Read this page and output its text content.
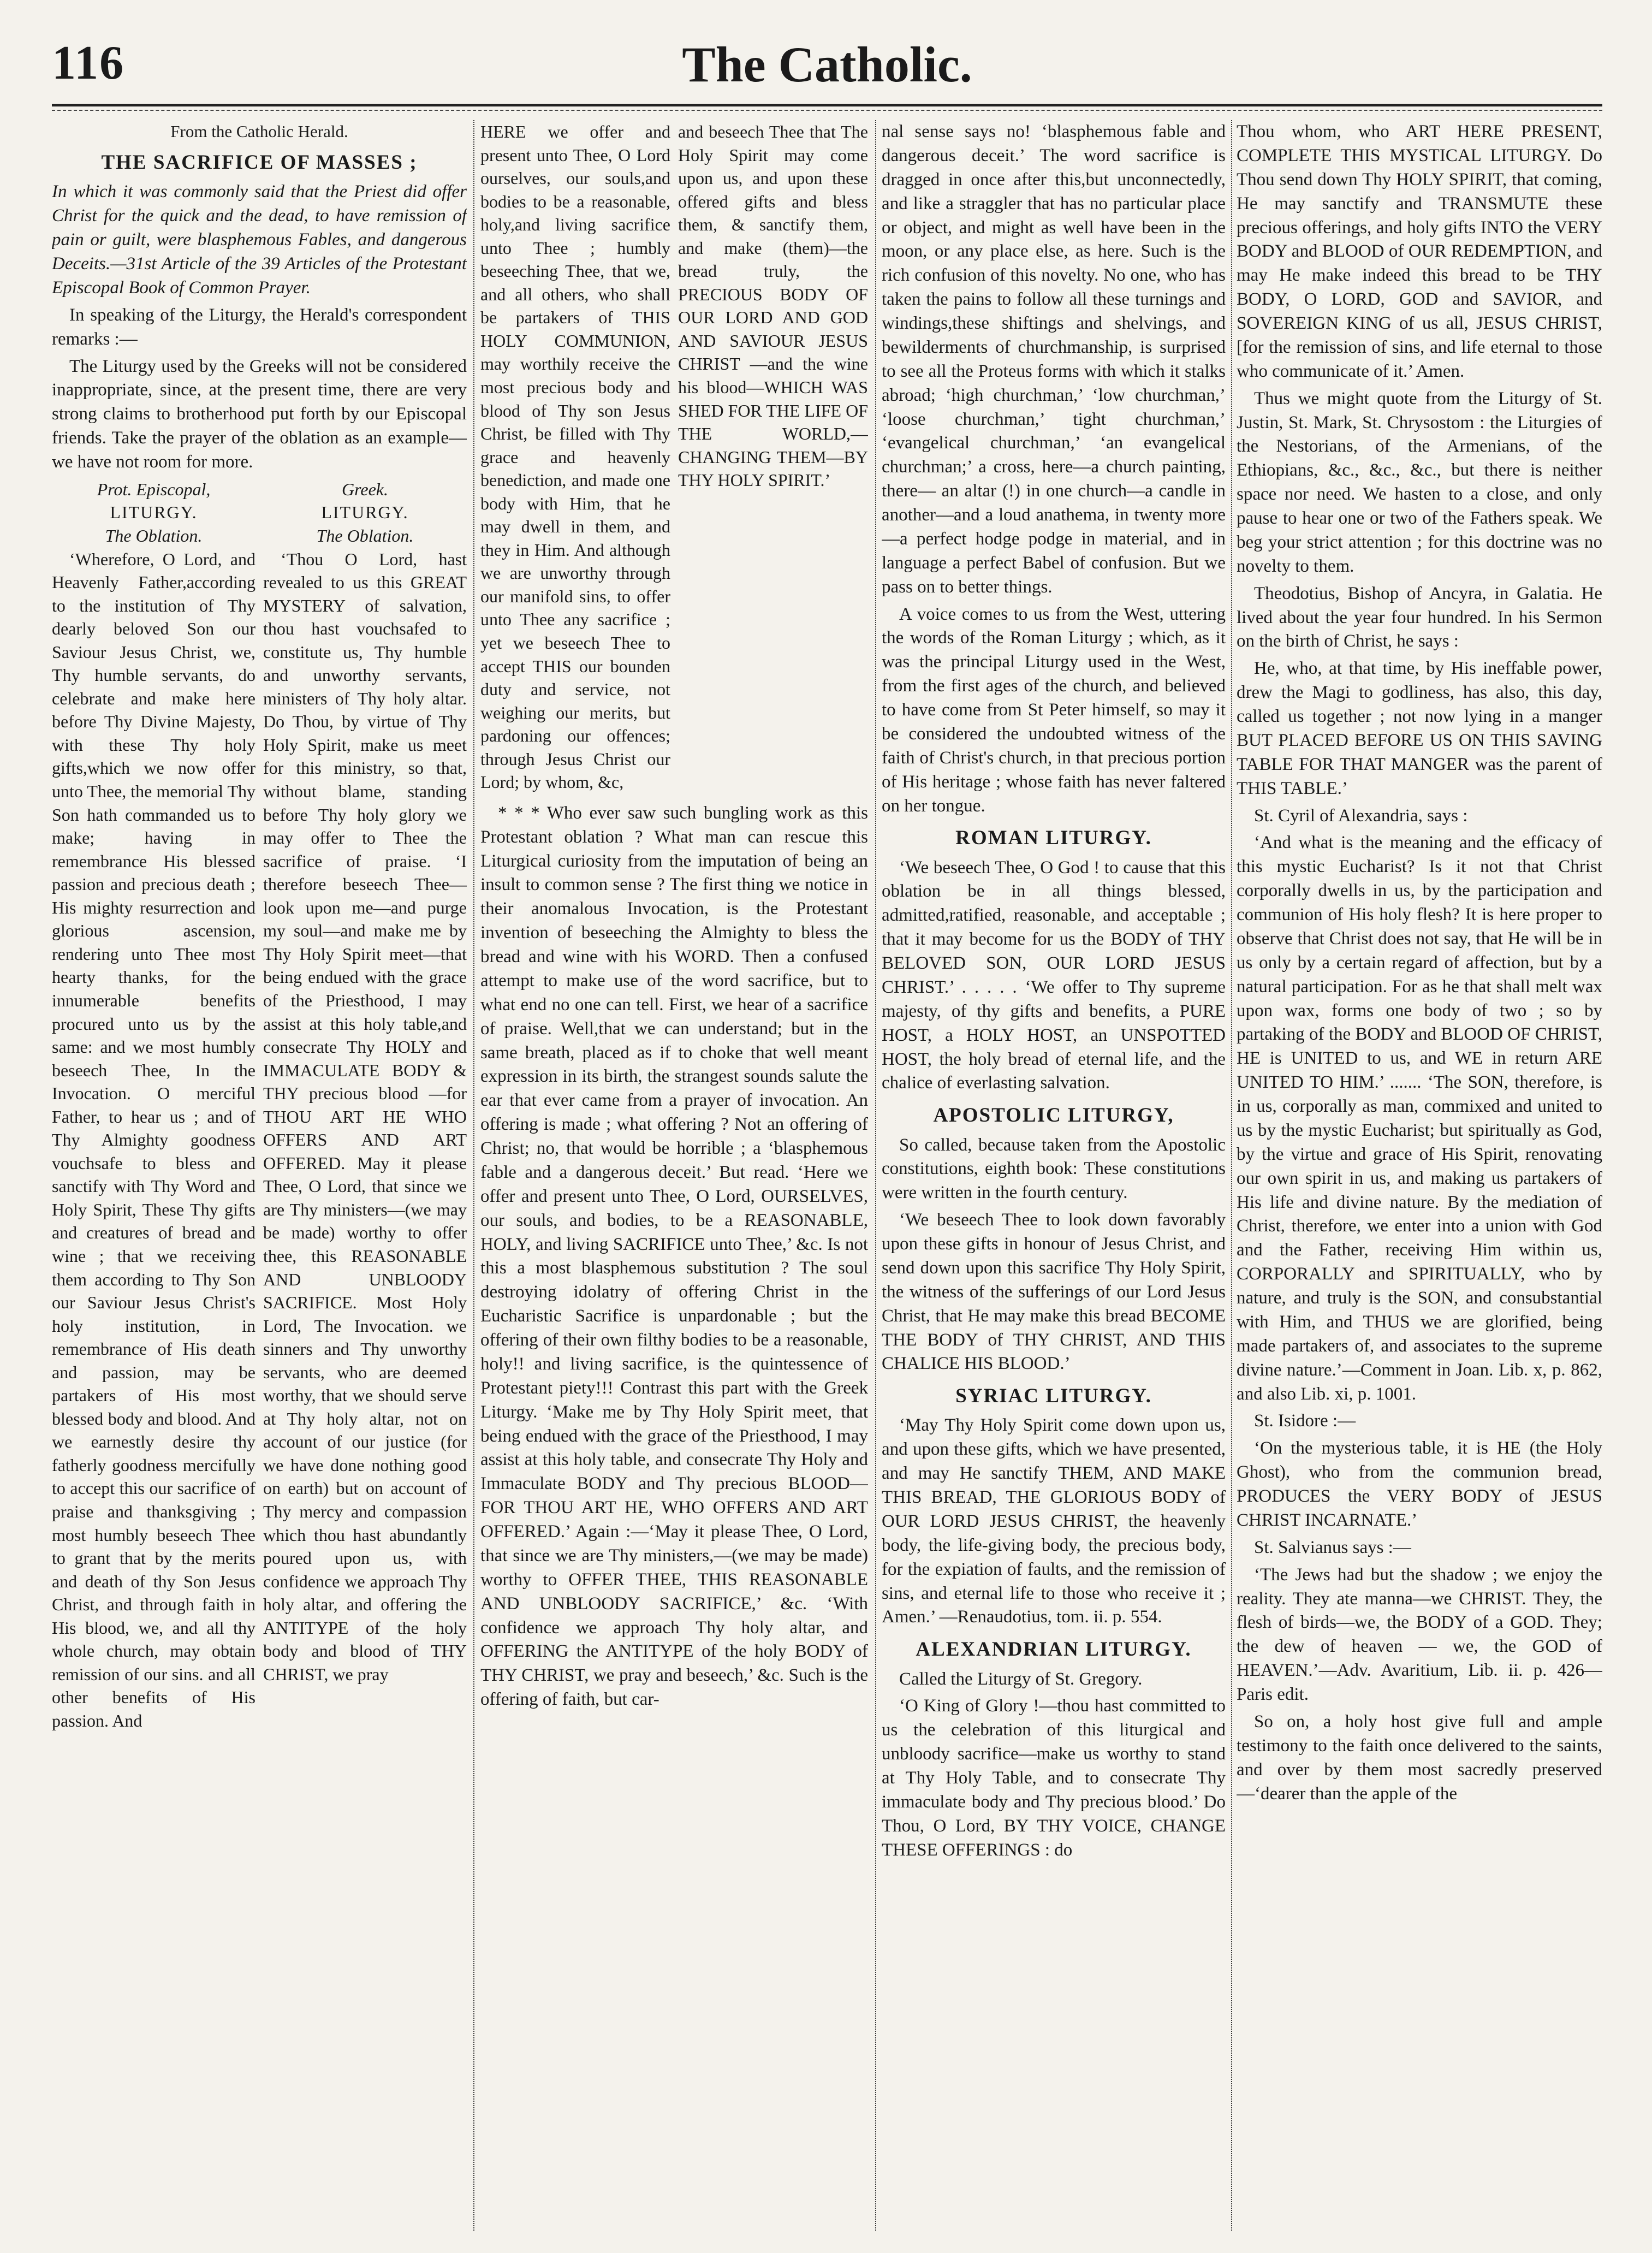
116	The Catholic.
From the Catholic Herald.
THE SACRIFICE OF MASSES ;

In which it was commonly said that the Priest did offer Christ for the quick and the dead, to have remission of pain or guilt, were blasphemous Fables, and dangerous Deceits.—31st Article of the 39 Articles of the Protestant Episcopal Book of Common Prayer.

In speaking of the Liturgy, the Herald's correspondent remarks :—

The Liturgy used by the Greeks will not be considered inappropriate, since, at the present time, there are very strong claims to brotherhood put forth by our Episcopal friends. Take the prayer of the oblation as an example—we have not room for more.

Prot. Episcopal,
LITURGY.
The Oblation.

‘Wherefore, O Lord, and Heavenly Father,according to the institution of Thy dearly beloved Son our Saviour Jesus Christ, we, Thy humble servants, do celebrate and make here before Thy Divine Majesty, with these Thy holy gifts,which we now offer unto Thee, the memorial Thy Son hath commanded us to make; having in remembrance His blessed passion and precious death ; His mighty resurrection and glorious ascension, rendering unto Thee most hearty thanks, for the innumerable benefits procured unto us by the same: and we most humbly beseech Thee, In the Invocation. O merciful Father, to hear us ; and of Thy Almighty goodness vouchsafe to bless and sanctify with Thy Word and Holy Spirit, These Thy gifts and creatures of bread and wine ; that we receiving them according to Thy Son our Saviour Jesus Christ's holy institution, in remembrance of His death and passion, may be partakers of His most blessed body and blood. And we earnestly desire thy fatherly goodness mercifully to accept this our sacrifice of praise and thanksgiving ; most humbly beseech Thee to grant that by the merits and death of thy Son Jesus Christ, and through faith in His blood, we, and all thy whole church, may obtain remission of our sins. and all other benefits of His passion. And

Greek.
LITURGY.
The Oblation.

‘Thou O Lord, hast revealed to us this GREAT MYSTERY of salvation, thou hast vouchsafed to constitute us, Thy humble and unworthy servants, ministers of Thy holy altar. Do Thou, by virtue of Thy Holy Spirit, make us meet for this ministry, so that, without blame, standing before Thy holy glory we may offer to Thee the sacrifice of praise. ‘I therefore beseech Thee—look upon me—and purge my soul—and make me by Thy Holy Spirit meet—that being endued with the grace of the Priesthood, I may assist at this holy table,and consecrate Thy HOLY and IMMACULATE BODY & THY precious blood —for THOU ART HE WHO OFFERS AND ART OFFERED. May it please Thee, O Lord, that since we are Thy ministers—(we may be made) worthy to offer thee, this REASONABLE AND UNBLOODY SACRIFICE. Most Holy Lord, The Invocation. we sinners and Thy unworthy servants, who are deemed worthy, that we should serve at Thy holy altar, not on account of our justice (for we have done nothing good on earth) but on account of Thy mercy and compassion which thou hast abundantly poured upon us, with confidence we approach Thy holy altar, and offering the ANTITYPE of the holy body and blood of THY CHRIST, we pray

HERE we offer and present unto Thee, O Lord ourselves, our souls,and bodies to be a reasonable, holy,and living sacrifice unto Thee ; humbly beseeching Thee, that we, and all others, who shall be partakers of THIS HOLY COMMUNION, may worthily receive the most precious body and blood of Thy son Jesus Christ, be filled with Thy grace and heavenly benediction, and made one body with Him, that he may dwell in them, and they in Him. And although we are unworthy through our manifold sins, to offer unto Thee any sacrifice ; yet we beseech Thee to accept THIS our bounden duty and service, not weighing our merits, but pardoning our offences; through Jesus Christ our Lord; by whom, &c,
and beseech Thee that The Holy Spirit may come upon us, and upon these offered gifts and bless them, & sanctify them, and make (them)—the bread truly, the PRECIOUS BODY OF OUR LORD AND GOD AND SAVIOUR JESUS CHRIST —and the wine his blood—WHICH WAS SHED FOR THE LIFE OF THE WORLD,—CHANGING THEM—BY THY HOLY SPIRIT.’

* * * Who ever saw such bungling work as this Protestant oblation ? What man can rescue this Liturgical curiosity from the imputation of being an insult to common sense ? The first thing we notice in their anomalous Invocation, is the Protestant invention of beseeching the Almighty to bless the bread and wine with his WORD. Then a confused attempt to make use of the word sacrifice, but to what end no one can tell. First, we hear of a sacrifice of praise. Well,that we can understand; but in the same breath, placed as if to choke that well meant expression in its birth, the strangest sounds salute the ear that ever came from a prayer of invocation. An offering is made ; what offering ? Not an offering of Christ; no, that would be horrible ; a ‘blasphemous fable and a dangerous deceit.’ But read. ‘Here we offer and present unto Thee, O Lord, OURSELVES, our souls, and bodies, to be a REASONABLE, HOLY, and living SACRIFICE unto Thee,’ &c. Is not this a most blasphemous substitution ? The soul destroying idolatry of offering Christ in the Eucharistic Sacrifice is unpardonable ; but the offering of their own filthy bodies to be a reasonable, holy!! and living sacrifice, is the quintessence of Protestant piety!!! Contrast this part with the Greek Liturgy. ‘Make me by Thy Holy Spirit meet, that being endued with the grace of the Priesthood, I may assist at this holy table, and consecrate Thy Holy and Immaculate BODY and Thy precious BLOOD—FOR THOU ART HE, WHO OFFERS AND ART OFFERED.’ Again :—‘May it please Thee, O Lord, that since we are Thy ministers,—(we may be made) worthy to OFFER THEE, THIS REASONABLE AND UNBLOODY SACRIFICE,’ &c. ‘With confidence we approach Thy holy altar, and OFFERING the ANTITYPE of the holy BODY of THY CHRIST, we pray and beseech,’ &c. Such is the offering of faith, but car-

nal sense says no! ‘blasphemous fable and dangerous deceit.’ The word sacrifice is dragged in once after this,but unconnectedly, and like a straggler that has no particular place or object, and might as well have been in the moon, or any place else, as here. Such is the rich confusion of this novelty. No one, who has taken the pains to follow all these turnings and windings,these shiftings and shelvings, and bewilderments of churchmanship, is surprised to see all the Proteus forms with which it stalks abroad; ‘high churchman,’ ‘low churchman,’ ‘loose churchman,’ tight churchman,’ ‘evangelical churchman,’ ‘an evangelical churchman;’ a cross, here—a church painting, there— an altar (!) in one church—a candle in another—and a loud anathema, in twenty more—a perfect hodge podge in material, and in language a perfect Babel of confusion. But we pass on to better things.

A voice comes to us from the West, uttering the words of the Roman Liturgy ; which, as it was the principal Liturgy used in the West, from the first ages of the church, and believed to have come from St Peter himself, so may it be considered the undoubted witness of the faith of Christ's church, in that precious portion of His heritage ; whose faith has never faltered on her tongue.

ROMAN LITURGY.

‘We beseech Thee, O God ! to cause that this oblation be in all things blessed, admitted,ratified, reasonable, and acceptable ; that it may become for us the BODY of THY BELOVED SON, OUR LORD JESUS CHRIST.’ . . . . . ‘We offer to Thy supreme majesty, of thy gifts and benefits, a PURE HOST, a HOLY HOST, an UNSPOTTED HOST, the holy bread of eternal life, and the chalice of everlasting salvation.

APOSTOLIC LITURGY,

So called, because taken from the Apostolic constitutions, eighth book: These constitutions were written in the fourth century.

‘We beseech Thee to look down favorably upon these gifts in honour of Jesus Christ, and send down upon this sacrifice Thy Holy Spirit, the witness of the sufferings of our Lord Jesus Christ, that He may make this bread BECOME THE BODY of THY CHRIST, AND THIS CHALICE HIS BLOOD.’

SYRIAC LITURGY.

‘May Thy Holy Spirit come down upon us, and upon these gifts, which we have presented, and may He sanctify THEM, AND MAKE THIS BREAD, THE GLORIOUS BODY of OUR LORD JESUS CHRIST, the heavenly body, the life-giving body, the precious body, for the expiation of faults, and the remission of sins, and eternal life to those who receive it ; Amen.’ —Renaudotius, tom. ii. p. 554.

ALEXANDRIAN LITURGY.

Called the Liturgy of St. Gregory.

‘O King of Glory !—thou hast committed to us the celebration of this liturgical and unbloody sacrifice—make us worthy to stand at Thy Holy Table, and to consecrate Thy immaculate body and Thy precious blood.’ Do Thou, O Lord, BY THY VOICE, CHANGE THESE OFFERINGS : do

Thou whom, who ART HERE PRESENT, COMPLETE THIS MYSTICAL LITURGY. Do Thou send down Thy HOLY SPIRIT, that coming, He may sanctify and TRANSMUTE these precious offerings, and holy gifts INTO the VERY BODY and BLOOD of OUR REDEMPTION, and may He make indeed this bread to be THY BODY, O LORD, GOD and SAVIOR, and SOVEREIGN KING of us all, JESUS CHRIST, [for the remission of sins, and life eternal to those who communicate of it.’ Amen.

Thus we might quote from the Liturgy of St. Justin, St. Mark, St. Chrysostom : the Liturgies of the Nestorians, of the Armenians, of the Ethiopians, &c., &c., &c., but there is neither space nor need. We hasten to a close, and only pause to hear one or two of the Fathers speak. We beg your strict attention ; for this doctrine was no novelty to them.

Theodotius, Bishop of Ancyra, in Galatia. He lived about the year four hundred. In his Sermon on the birth of Christ, he says :

He, who, at that time, by His ineffable power, drew the Magi to godliness, has also, this day, called us together ; not now lying in a manger BUT PLACED BEFORE US ON THIS SAVING TABLE FOR THAT MANGER was the parent of THIS TABLE.’

St. Cyril of Alexandria, says :

‘And what is the meaning and the efficacy of this mystic Eucharist? Is it not that Christ corporally dwells in us, by the participation and communion of His holy flesh? It is here proper to observe that Christ does not say, that He will be in us only by a certain regard of affection, but by a natural participation. For as he that shall melt wax upon wax, forms one body of two ; so by partaking of the BODY and BLOOD OF CHRIST, HE is UNITED to us, and WE in return ARE UNITED TO HIM.’ ....... ‘The SON, therefore, is in us, corporally as man, commixed and united to us by the mystic Eucharist; but spiritually as God, by the virtue and grace of His Spirit, renovating our own spirit in us, and making us partakers of His life and divine nature. By the mediation of Christ, therefore, we enter into a union with God and the Father, receiving Him within us, CORPORALLY and SPIRITUALLY, who by nature, and truly is the SON, and consubstantial with Him, and THUS we are glorified, being made partakers of, and associates to the supreme divine nature.’—Comment in Joan. Lib. x, p. 862, and also Lib. xi, p. 1001.

St. Isidore :—

‘On the mysterious table, it is HE (the Holy Ghost), who from the communion bread, PRODUCES the VERY BODY of JESUS CHRIST INCARNATE.’

St. Salvianus says :—

‘The Jews had but the shadow ; we enjoy the reality. They ate manna—we CHRIST. They, the flesh of birds—we, the BODY of a GOD. They; the dew of heaven — we, the GOD of HEAVEN.’—Adv. Avaritium, Lib. ii. p. 426—Paris edit.

So on, a holy host give full and ample testimony to the faith once delivered to the saints, and over by them most sacredly preserved—‘dearer than the apple of the
